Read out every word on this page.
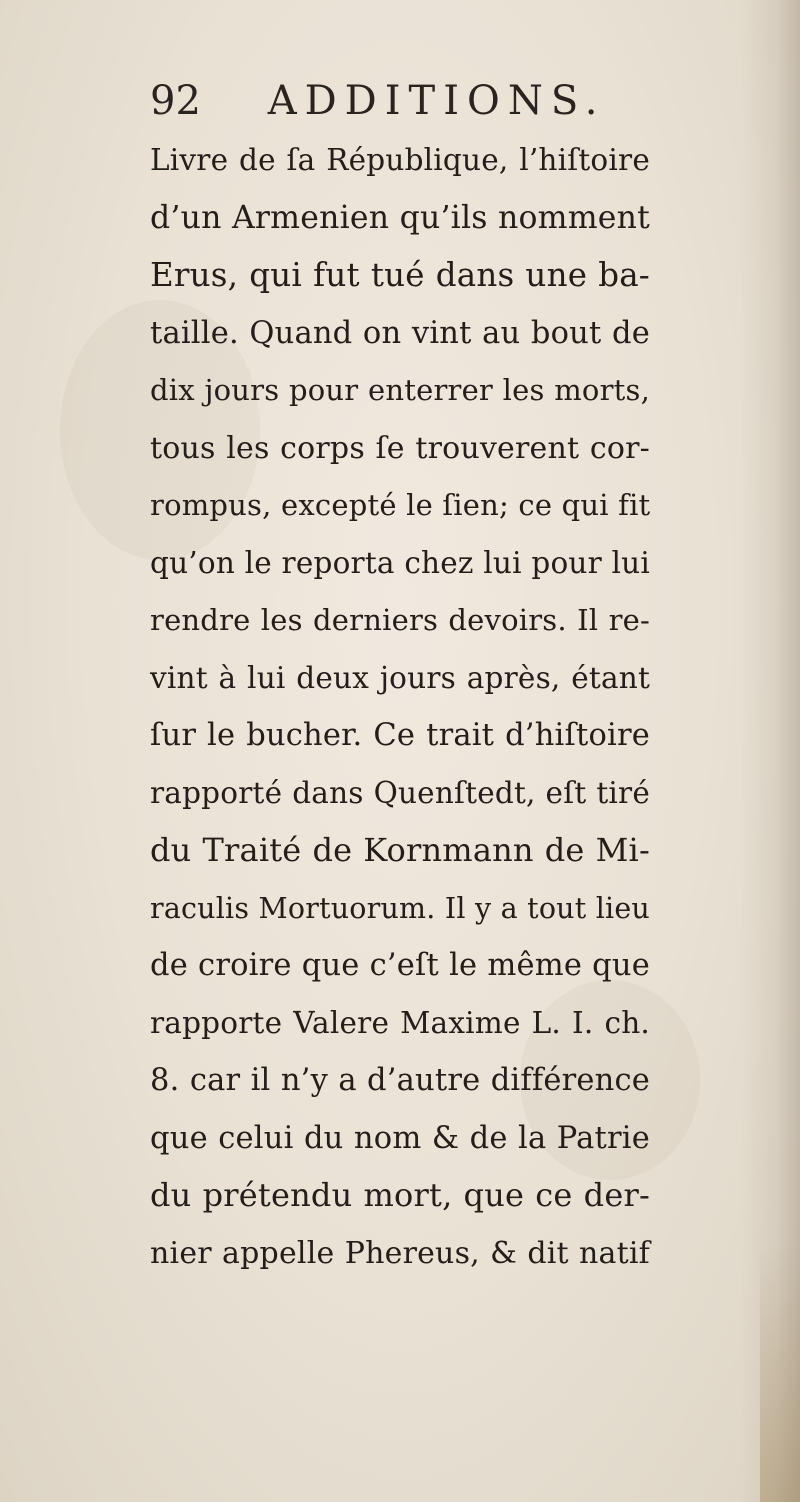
92 ADDITIONS.
Livre de ſa République, l’hiſtoire
d’un Armenien qu’ils nomment
Erus, qui fut tué dans une ba-
taille. Quand on vint au bout de
dix jours pour enterrer les morts,
tous les corps ſe trouverent cor-
rompus, excepté le ſien; ce qui fit
qu’on le reporta chez lui pour lui
rendre les derniers devoirs. Il re-
vint à lui deux jours après, étant
ſur le bucher. Ce trait d’hiſtoire
rapporté dans Quenſtedt, eſt tiré
du Traité de Kornmann de Mi-
raculis Mortuorum. Il y a tout lieu
de croire que c’eſt le même que
rapporte Valere Maxime L. I. ch.
8. car il n’y a d’autre différence
que celui du nom & de la Patrie
du prétendu mort, que ce der-
nier appelle Phereus, & dit natif
